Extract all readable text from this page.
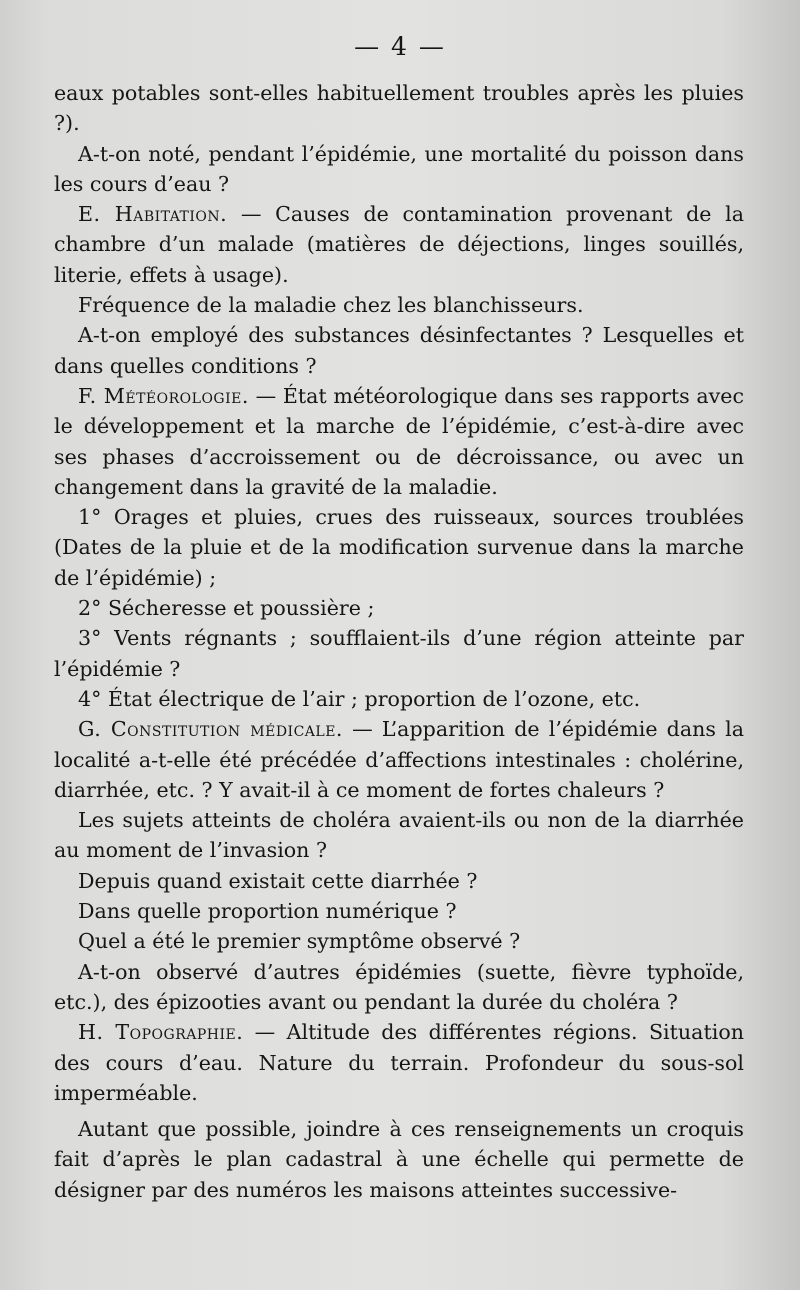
— 4 —

eaux potables sont-elles habituellement troubles après les pluies ?).

A-t-on noté, pendant l’épidémie, une mortalité du poisson dans les cours d’eau ?

E. Habitation. — Causes de contamination provenant de la chambre d’un malade (matières de déjections, linges souillés, literie, effets à usage).

Fréquence de la maladie chez les blanchisseurs.

A-t-on employé des substances désinfectantes ? Lesquelles et dans quelles conditions ?

F. Météorologie. — État météorologique dans ses rapports avec le développement et la marche de l’épidémie, c’est-à-dire avec ses phases d’accroissement ou de décroissance, ou avec un changement dans la gravité de la maladie.

1° Orages et pluies, crues des ruisseaux, sources troublées (Dates de la pluie et de la modification survenue dans la marche de l’épidémie) ;

2° Sécheresse et poussière ;

3° Vents régnants ; soufflaient-ils d’une région atteinte par l’épidémie ?

4° État électrique de l’air ; proportion de l’ozone, etc.

G. Constitution médicale. — L’apparition de l’épidémie dans la localité a-t-elle été précédée d’affections intestinales : cholérine, diarrhée, etc. ? Y avait-il à ce moment de fortes chaleurs ?

Les sujets atteints de choléra avaient-ils ou non de la diarrhée au moment de l’invasion ?

Depuis quand existait cette diarrhée ?

Dans quelle proportion numérique ?

Quel a été le premier symptôme observé ?

A-t-on observé d’autres épidémies (suette, fièvre typhoïde, etc.), des épizooties avant ou pendant la durée du choléra ?

H. Topographie. — Altitude des différentes régions. Situation des cours d’eau. Nature du terrain. Profondeur du sous-sol imperméable.

Autant que possible, joindre à ces renseignements un croquis fait d’après le plan cadastral à une échelle qui permette de désigner par des numéros les maisons atteintes successive-
